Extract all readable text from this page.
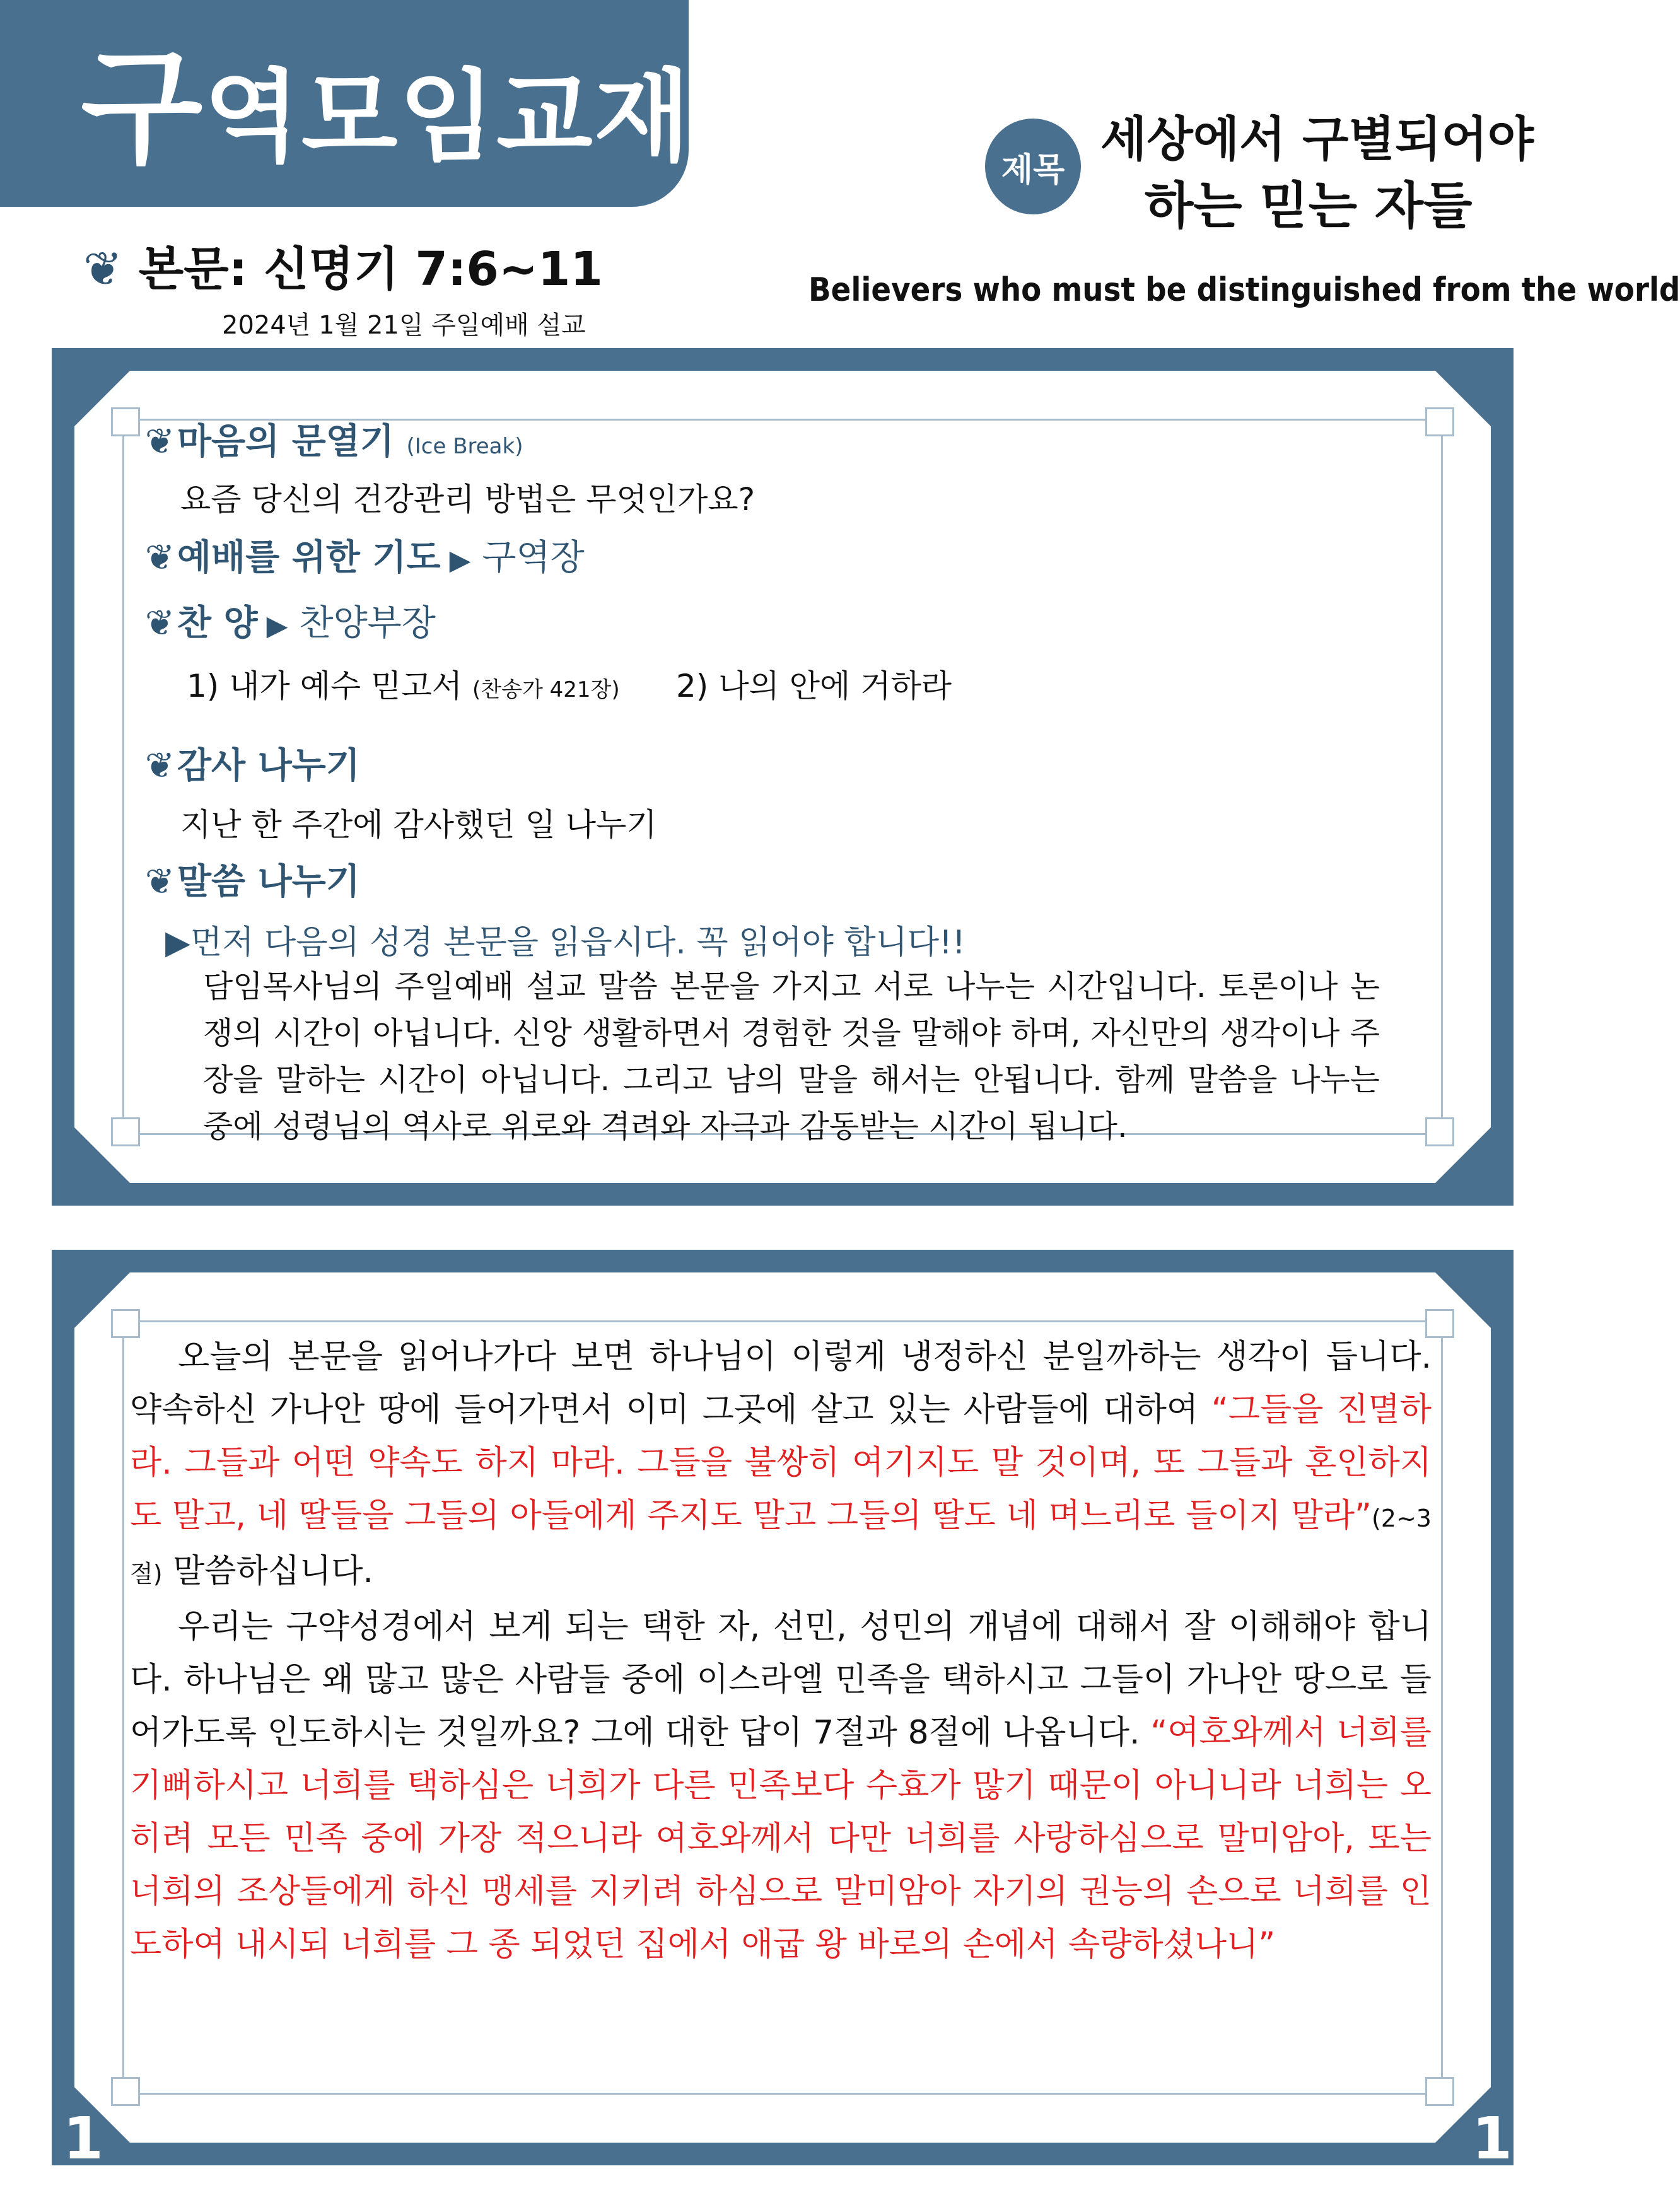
구역모임교재	제목
세상에서 구별되어야
하는 믿는 자들
Believers who must be distinguished from the world
❦ 본문: 신명기 7:6~11
2024년 1월 21일 주일예배 설교
❦마음의 문열기 (Ice Break)
요즘 당신의 건강관리 방법은 무엇인가요?
❦예배를 위한 기도 ▶ 구역장
❦찬 양 ▶ 찬양부장
1) 내가 예수 믿고서 (찬송가 421장) 2) 나의 안에 거하라
❦감사 나누기
지난 한 주간에 감사했던 일 나누기
❦말씀 나누기
▶먼저 다음의 성경 본문을 읽읍시다. 꼭 읽어야 합니다!!
담임목사님의 주일예배 설교 말씀 본문을 가지고 서로 나누는 시간입니다. 토론이나 논쟁의 시간이 아닙니다. 신앙 생활하면서 경험한 것을 말해야 하며, 자신만의 생각이나 주장을 말하는 시간이 아닙니다. 그리고 남의 말을 해서는 안됩니다. 함께 말씀을 나누는 중에 성령님의 역사로 위로와 격려와 자극과 감동받는 시간이 됩니다.
오늘의 본문을 읽어나가다 보면 하나님이 이렇게 냉정하신 분일까하는 생각이 듭니다. 약속하신 가나안 땅에 들어가면서 이미 그곳에 살고 있는 사람들에 대하여 “그들을 진멸하라. 그들과 어떤 약속도 하지 마라. 그들을 불쌍히 여기지도 말 것이며, 또 그들과 혼인하지도 말고, 네 딸들을 그들의 아들에게 주지도 말고 그들의 딸도 네 며느리로 들이지 말라”(2~3절) 말씀하십니다.
우리는 구약성경에서 보게 되는 택한 자, 선민, 성민의 개념에 대해서 잘 이해해야 합니다. 하나님은 왜 많고 많은 사람들 중에 이스라엘 민족을 택하시고 그들이 가나안 땅으로 들어가도록 인도하시는 것일까요? 그에 대한 답이 7절과 8절에 나옵니다. “여호와께서 너희를 기뻐하시고 너희를 택하심은 너희가 다른 민족보다 수효가 많기 때문이 아니니라 너희는 오히려 모든 민족 중에 가장 적으니라 여호와께서 다만 너희를 사랑하심으로 말미암아, 또는 너희의 조상들에게 하신 맹세를 지키려 하심으로 말미암아 자기의 권능의 손으로 너희를 인도하여 내시되 너희를 그 종 되었던 집에서 애굽 왕 바로의 손에서 속량하셨나니”
1	1
